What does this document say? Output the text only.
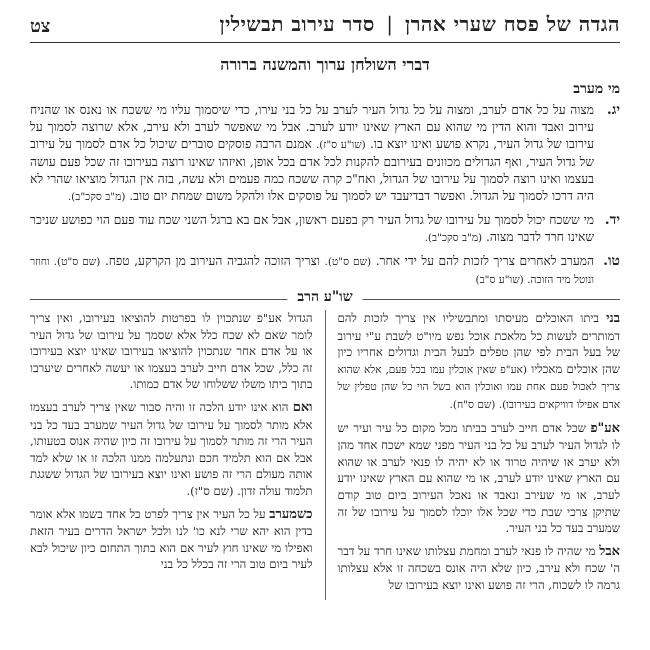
הגדה של פסח שערי אהרן | סדר עירוב תבשילין
צט
דברי השולחן ערוך והמשנה ברורה
מי מערב
יג.
מצוה על כל אדם לערב, ומצוה על כל גדול העיר לערב על כל בני עירו, כדי שיסמוך עליו מי ששכח או נאנס או שהניח עירוב ואבד והוא הדין מי שהוא עם הארץ שאינו יודע לערב. אבל מי שאפשר לערב ולא עירב, אלא שרוצה לסמוך על עירובו של גדול העיר, נקרא פושע ואינו יוצא בו. (שו"ע ס"ז). אמנם הרבה פוסקים סוברים שיכול כל אדם לסמוך על עירוב של גדול העיר, ואף הגדולים מכוונים בעירובם להקנות לכל אדם בכל אופן, ואיזהו שאינו רוצה בעירובו זה שכל פעם עושה בעצמו ואינו רוצה לסמוך על עירובו של הגדול, ואח"כ קרה ששכח כמה פעמים ולא עשה, בזה אין הגדול מוציאו שהרי לא היה דרכו לסמוך על הגדול. ואפשר דבדיעבד יש לסמוך על פוסקים אלו ולהקל משום שמחת יום טוב. (מ"ב סקכ"ב).
יד.
מי ששכח יכול לסמוך על עירובו של גדול העיר רק בפעם ראשון, אבל אם בא ברגל השני שכח עוד פעם הוי כפושע שניכר שאינו חרד לדבר מצוה. (מ"ב סקכ"ב).
טו.
המערב לאחרים צריך לזכות להם על ידי אחר. (שם ס"ט). וצריך הזוכה להגביה העירוב מן הקרקע, טפח. (שם ס"ט). וחוזר ונוטל מיד הזוכה. (שו"ע ס"ב)
שו"ע הרב

בני ביתו האוכלים מעיסתו ומתבשיליו אין צריך לזכות להם דמותרים לעשות כל מלאכת אוכל נפש מיו"ט לשבת ע"י עירוב של בעל הבית לפי שהן טפלים לבעל הבית וגדולים אחריו כיון שהן אוכלים מאכליו (אע"פ שאין אוכלין עמו בכל פעם, אלא שהוא צריך לאכול פעם אחת עמו ואוכלין הוא בשל הוי כל שהן טפלין של אדם אפילו דוויקאים בעירובו). (שם ס"ח).

אע"פ שכל אדם חייב לערב בביתו מכל מקום כל עיר ועיר יש לו לגדול העיר לערב על כל בני העיר מפני שמא ישכח אחד מהן ולא יערב או שיהיה טרוד או לא יהיה לו פנאי לערב או שהוא עם הארץ שאינו יודע לערב, או מי שהוא עם הארץ שאינו יודע לערב, או מי שעירב ונאבד או נאכל העירוב ביום טוב קודם שתיקן צרכי שבת כדי שכל אלו יוכלו לסמוך על עירובו של זה שמערב בעד כל בני העיר.

אבל מי שהיה לו פנאי לערב ומחמת עצלותו שאינו חרד על דבר ה' שכח ולא עירב, כיון שלא היה אונס בשכחה זו אלא עצלותו גרמה לו לשכוח, הרי זה פושע ואינו יוצא בעירובו של

הגדול אע"פ שנתכוין לו בפרטות להוציאו בעירובו, ואין צריך לומר שאם לא שכח כלל אלא שסמך על עירובו של גדול העיר או על אדם אחר שנתכוין להוציאו בעירובו שאינו יוצא בעירובו זה כלל, שכל אדם חייב לערב בעצמו או יעשה לאחרים שיערבו בתוך ביתו משלו ששלוחו של אדם כמותו.

ואם הוא אינו יודע הלכה זו והיה סבור שאין צריך לערב בעצמו אלא מותר לסמוך על עירובו של גדול העיר שמערב בעד כל בני העיר הרי זה מותר לסמוך על עירובו זה כיון שהיה אנוס בטעותו, אבל אם הוא תלמיד חכם ונתעלמה ממנו הלכה זו או שלא למד אותה מעולם הרי זה פושע ואינו יוצא בעירובו של הגדול ששגגת תלמוד עולה זדון. (שם ס"ז).

כשמערב על כל העיר אין צריך לפרט כל אחד בשמו אלא אומר בדין הוא יהא שרי לנא כו' לנו ולכל ישראל הדרים בעיר הזאת ואפילו מי שאינו חוץ לעיר אם הוא בתוך התחום כיון שיכול לבא לעיר ביום טוב הרי זה בכלל כל בני
